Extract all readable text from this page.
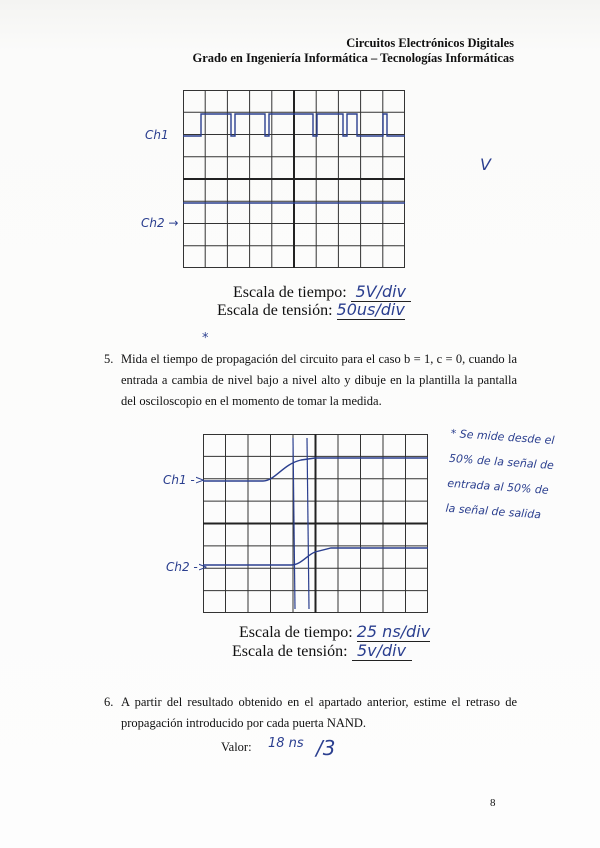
Circuitos Electrónicos Digitales
Grado en Ingeniería Informática – Tecnologías Informáticas

Ch1
Ch2 →
V
Escala de tiempo: 5V/div
Escala de tensión: 50us/div
*
5. Mida el tiempo de propagación del circuito para el caso b = 1, c = 0, cuando la entrada a cambia de nivel bajo a nivel alto y dibuje en la plantilla la pantalla del osciloscopio en el momento de tomar la medida.
Ch1 ->
Ch2 ->
* Se mide desde el
50% de la señal de
entrada al 50% de
la señal de salida
Escala de tiempo: 25 ns/div
Escala de tensión: 5v/div
6. A partir del resultado obtenido en el apartado anterior, estime el retraso de propagación introducido por cada puerta NAND.
Valor: 18 ns /3
8
